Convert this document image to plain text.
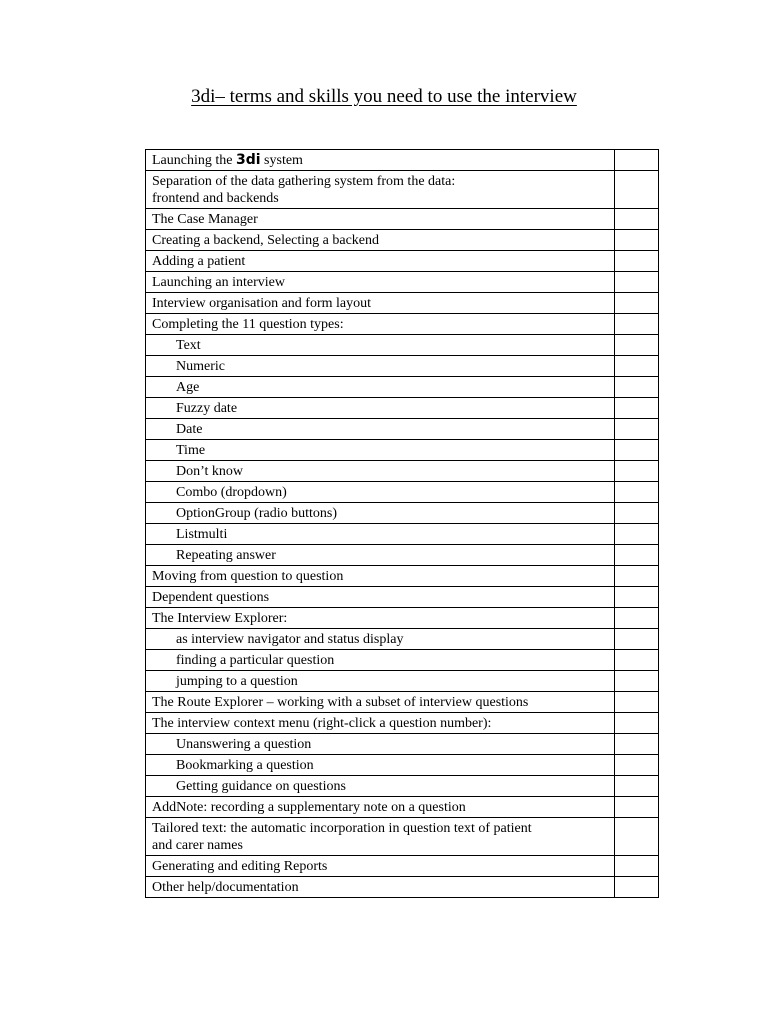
3di– terms and skills you need to use the interview
Launching the 3di system	
Separation of the data gathering system from the data:
frontend and backends	

The Case Manager	
Creating a backend, Selecting a backend	
Adding a patient	
Launching an interview	
Interview organisation and form layout	
Completing the 11 question types:	

Text	

Numeric	

Age	

Fuzzy date	

Date	

Time	

Don’t know	

Combo (dropdown)	

OptionGroup (radio buttons)	

Listmulti	

Repeating answer	

Moving from question to question	
Dependent questions	
The Interview Explorer:	

as interview navigator and status display	

finding a particular question	

jumping to a question	

The Route Explorer – working with a subset of interview questions	
The interview context menu (right-click a question number):	

Unanswering a question	

Bookmarking a question	

Getting guidance on questions	

AddNote: recording a supplementary note on a question	
Tailored text: the automatic incorporation in question text of patient
and carer names	

Generating and editing Reports	
Other help/documentation	
